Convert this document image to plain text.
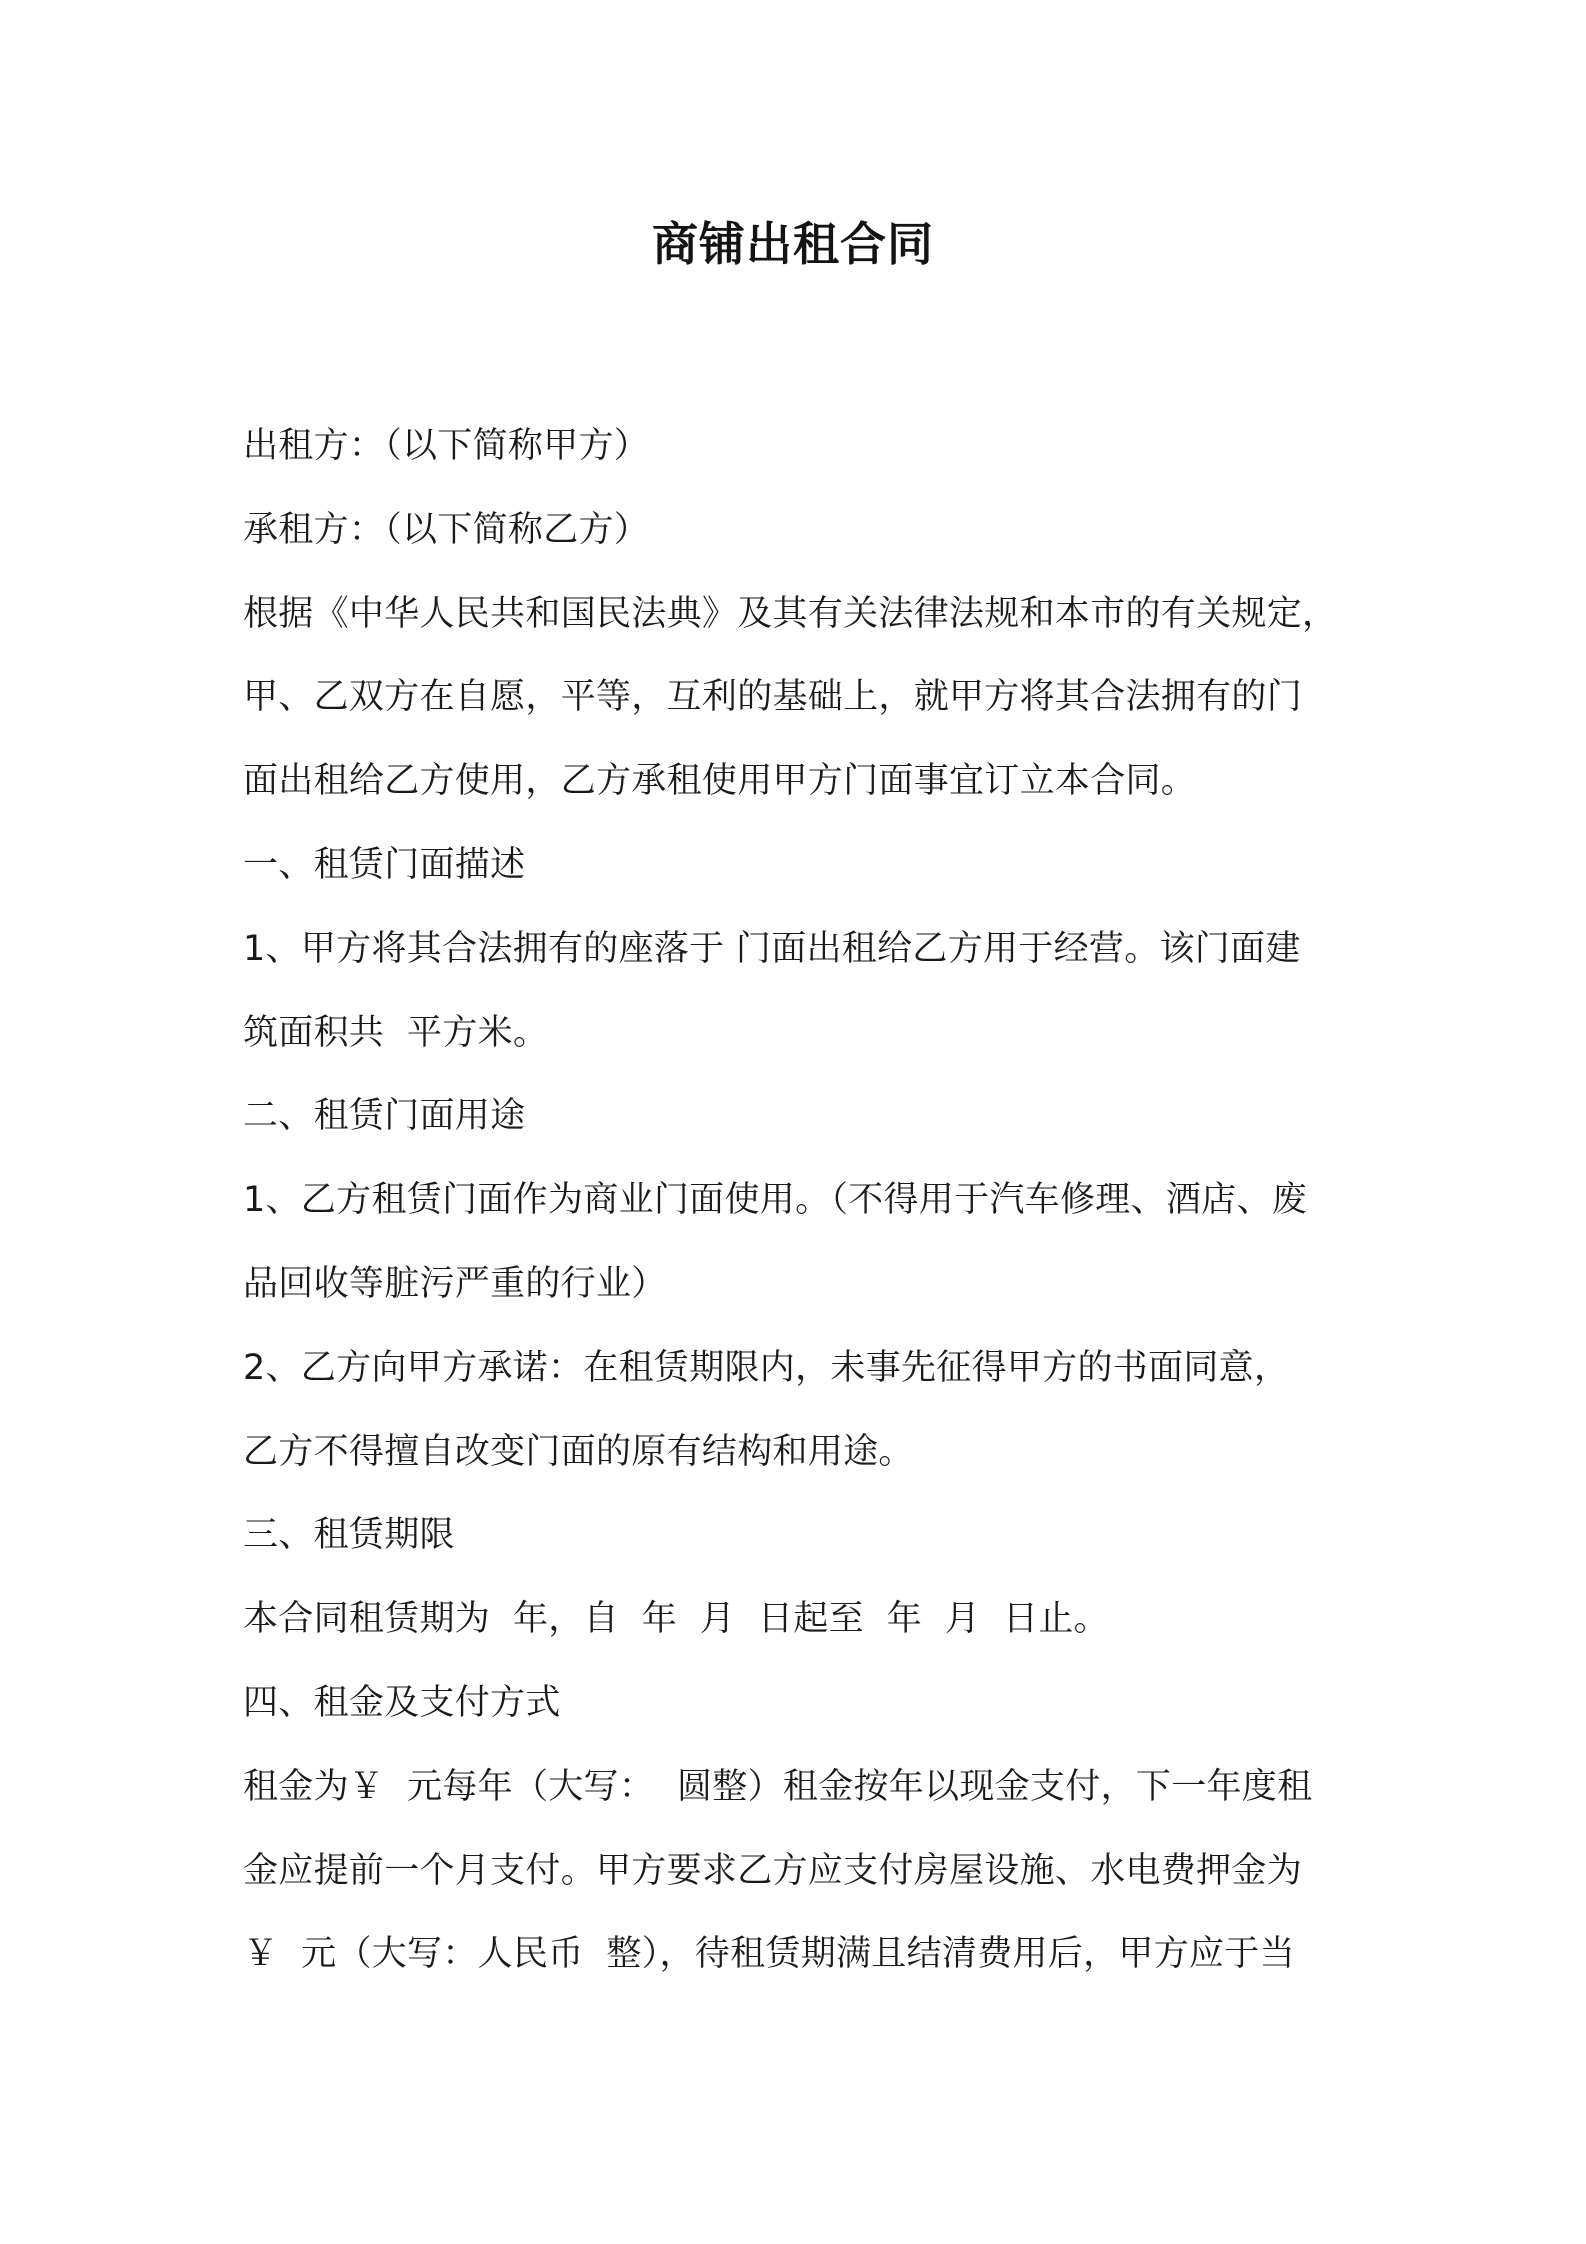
商铺出租合同
出租方：（以下简称甲方）
承租方：（以下简称乙方）
根据《中华人民共和国民法典》及其有关法律法规和本市的有关规定，
甲、乙双方在自愿，平等，互利的基础上，就甲方将其合法拥有的门
面出租给乙方使用，乙方承租使用甲方门面事宜订立本合同。
一、租赁门面描述
1、甲方将其合法拥有的座落于 门面出租给乙方用于经营。该门面建
筑面积共  平方米。
二、租赁门面用途
1、乙方租赁门面作为商业门面使用。（不得用于汽车修理、酒店、废
品回收等脏污严重的行业）
2、乙方向甲方承诺：在租赁期限内，未事先征得甲方的书面同意，
乙方不得擅自改变门面的原有结构和用途。
三、租赁期限
本合同租赁期为  年，自  年  月  日起至  年  月  日止。
四、租金及支付方式
租金为￥  元每年（大写：  圆整）租金按年以现金支付，下一年度租
金应提前一个月支付。甲方要求乙方应支付房屋设施、水电费押金为
￥  元（大写：人民币  整），待租赁期满且结清费用后，甲方应于当
